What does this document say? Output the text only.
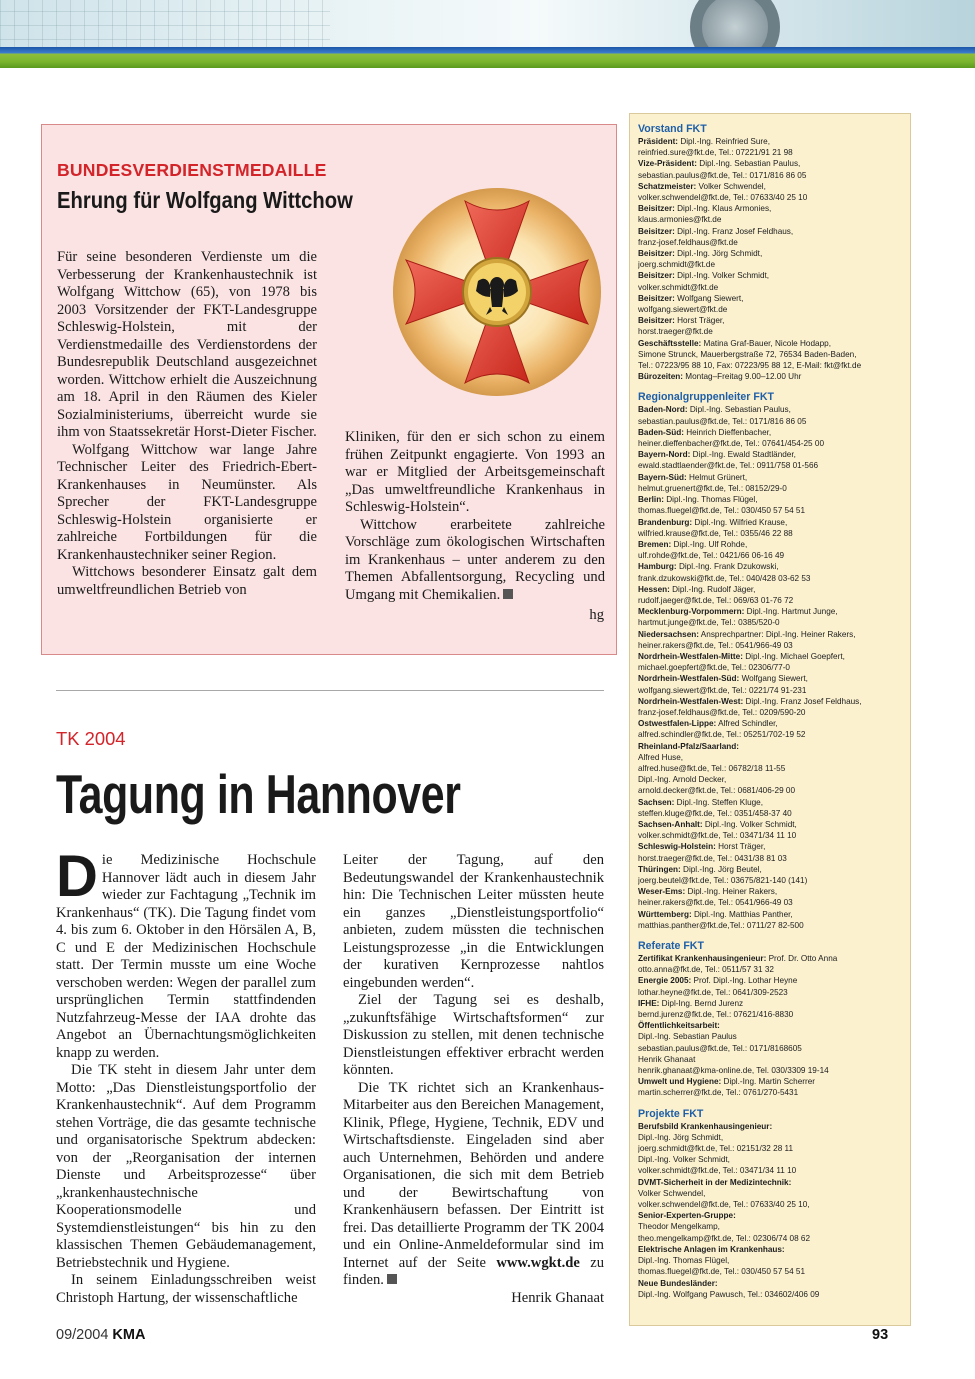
BUNDESVERDIENSTMEDAILLE
Ehrung für Wolfgang Wittchow

Für seine besonderen Verdienste um die Verbesserung der Krankenhaustechnik ist Wolfgang Wittchow (65), von 1978 bis 2003 Vorsitzender der FKT-Landesgruppe Schleswig-Holstein, mit der Verdienstmedaille des Verdienstordens der Bundesrepublik Deutschland ausgezeichnet worden. Wittchow erhielt die Auszeichnung am 18. April in den Räumen des Kieler Sozialministeriums, überreicht wurde sie ihm von Staatssekretär Horst-Dieter Fischer.

Wolfgang Wittchow war lange Jahre Technischer Leiter des Friedrich-Ebert-Krankenhauses in Neumünster. Als Sprecher der FKT-Landesgruppe Schleswig-Holstein organisierte er zahlreiche Fortbildungen für die Krankenhaustechniker seiner Region.

Wittchows besonderer Einsatz galt dem umweltfreundlichen Betrieb von

Kliniken, für den er sich schon zu einem frühen Zeitpunkt engagierte. Von 1993 an war er Mitglied der Arbeitsgemeinschaft „Das umweltfreundliche Krankenhaus in Schleswig-Holstein“.

Wittchow erarbeitete zahlreiche Vorschläge zum ökologischen Wirtschaften im Krankenhaus – unter anderem zu den Themen Abfallentsorgung, Recycling und Umgang mit Chemikalien.

hg
TK 2004
Tagung in Hannover

Die Medizinische Hochschule Hannover lädt auch in diesem Jahr wieder zur Fachtagung „Technik im Krankenhaus“ (TK). Die Tagung findet vom 4. bis zum 6. Oktober in den Hörsälen A, B, C und E der Medizinischen Hochschule statt. Der Termin musste um eine Woche verschoben werden: Wegen der parallel zum ursprünglichen Termin stattfindenden Nutzfahrzeug-Messe der IAA drohte das Angebot an Übernachtungsmöglichkeiten knapp zu werden.

Die TK steht in diesem Jahr unter dem Motto: „Das Dienstleistungsportfolio der Krankenhaustechnik“. Auf dem Programm stehen Vorträge, die das gesamte technische und organisatorische Spektrum abdecken: von der „Reorganisation der internen Dienste und Arbeitsprozesse“ über „krankenhaustechnische Kooperationsmodelle und Systemdienstleistungen“ bis hin zu den klassischen Themen Gebäudemanagement, Betriebstechnik und Hygiene.

In seinem Einladungsschreiben weist Christoph Hartung, der wissenschaftliche

Leiter der Tagung, auf den Bedeutungswandel der Krankenhaustechnik hin: Die Technischen Leiter müssten heute ein ganzes „Dienstleistungsportfolio“ anbieten, zudem müssten die technischen Leistungsprozesse „in die Entwicklungen der kurativen Kernprozesse nahtlos eingebunden werden“.

Ziel der Tagung sei es deshalb, „zukunftsfähige Wirtschaftsformen“ zur Diskussion zu stellen, mit denen technische Dienstleistungen effektiver erbracht werden könnten.

Die TK richtet sich an Krankenhaus-Mitarbeiter aus den Bereichen Management, Klinik, Pflege, Hygiene, Technik, EDV und Wirtschaftsdienste. Eingeladen sind aber auch Unternehmen, Behörden und andere Organisationen, die sich mit dem Betrieb und der Bewirtschaftung von Krankenhäusern befassen. Der Eintritt ist frei. Das detaillierte Programm der TK 2004 und ein Online-Anmeldeformular sind im Internet auf der Seite www.wgkt.de zu finden.

Henrik Ghanaat

Vorstand FKT
Präsident: Dipl.-Ing. Reinfried Sure,
reinfried.sure@fkt.de, Tel.: 07221/91 21 98
Vize-Präsident: Dipl.-Ing. Sebastian Paulus,
sebastian.paulus@fkt.de, Tel.: 0171/816 86 05
Schatzmeister: Volker Schwendel,
volker.schwendel@fkt.de, Tel.: 07633/40 25 10
Beisitzer: Dipl.-Ing. Klaus Armonies,
klaus.armonies@fkt.de
Beisitzer: Dipl.-Ing. Franz Josef Feldhaus,
franz-josef.feldhaus@fkt.de
Beisitzer: Dipl.-Ing. Jörg Schmidt,
joerg.schmidt@fkt.de
Beisitzer: Dipl.-Ing. Volker Schmidt,
volker.schmidt@fkt.de
Beisitzer: Wolfgang Siewert,
wolfgang.siewert@fkt.de
Beisitzer: Horst Träger,
horst.traeger@fkt.de
Geschäftsstelle: Matina Graf-Bauer, Nicole Hodapp,
Simone Strunck, Mauerbergstraße 72, 76534 Baden-Baden,
Tel.: 07223/95 88 10, Fax: 07223/95 88 12, E-Mail: fkt@fkt.de
Bürozeiten: Montag–Freitag 9.00–12.00 Uhr
Regionalgruppenleiter FKT
Baden-Nord: Dipl.-Ing. Sebastian Paulus,
sebastian.paulus@fkt.de, Tel.: 0171/816 86 05
Baden-Süd: Heinrich Dieffenbacher,
heiner.dieffenbacher@fkt.de, Tel.: 07641/454-25 00
Bayern-Nord: Dipl.-Ing. Ewald Stadtländer,
ewald.stadtlaender@fkt.de, Tel.: 0911/758 01-566
Bayern-Süd: Helmut Grünert,
helmut.gruenert@fkt.de, Tel.: 08152/29-0
Berlin: Dipl.-Ing. Thomas Flügel,
thomas.fluegel@fkt.de, Tel.: 030/450 57 54 51
Brandenburg: Dipl.-Ing. Wilfried Krause,
wilfried.krause@fkt.de, Tel.: 0355/46 22 88
Bremen: Dipl.-Ing. Ulf Rohde,
ulf.rohde@fkt.de, Tel.: 0421/66 06-16 49
Hamburg: Dipl.-Ing. Frank Dzukowski,
frank.dzukowski@fkt.de, Tel.: 040/428 03-62 53
Hessen: Dipl.-Ing. Rudolf Jäger,
rudolf.jaeger@fkt.de, Tel.: 069/63 01-76 72
Mecklenburg-Vorpommern: Dipl.-Ing. Hartmut Junge,
hartmut.junge@fkt.de, Tel.: 0385/520-0
Niedersachsen: Ansprechpartner: Dipl.-Ing. Heiner Rakers,
heiner.rakers@fkt.de, Tel.: 0541/966-49 03
Nordrhein-Westfalen-Mitte: Dipl.-Ing. Michael Goepfert,
michael.goepfert@fkt.de, Tel.: 02306/77-0
Nordrhein-Westfalen-Süd: Wolfgang Siewert,
wolfgang.siewert@fkt.de, Tel.: 0221/74 91-231
Nordrhein-Westfalen-West: Dipl.-Ing. Franz Josef Feldhaus,
franz-josef.feldhaus@fkt.de, Tel.: 0209/590-20
Ostwestfalen-Lippe: Alfred Schindler,
alfred.schindler@fkt.de, Tel.: 05251/702-19 52
Rheinland-Pfalz/Saarland:
Alfred Huse,
alfred.huse@fkt.de, Tel.: 06782/18 11-55
Dipl.-Ing. Arnold Decker,
arnold.decker@fkt.de, Tel.: 0681/406-29 00
Sachsen: Dipl.-Ing. Steffen Kluge,
steffen.kluge@fkt.de, Tel.: 0351/458-37 40
Sachsen-Anhalt: Dipl.-Ing. Volker Schmidt,
volker.schmidt@fkt.de, Tel.: 03471/34 11 10
Schleswig-Holstein: Horst Träger,
horst.traeger@fkt.de, Tel.: 0431/38 81 03
Thüringen: Dipl.-Ing. Jörg Beutel,
joerg.beutel@fkt.de, Tel.: 03675/821-140 (141)
Weser-Ems: Dipl.-Ing. Heiner Rakers,
heiner.rakers@fkt.de, Tel.: 0541/966-49 03
Württemberg: Dipl.-Ing. Matthias Panther,
matthias.panther@fkt.de,Tel.: 0711/27 82-500
Referate FKT
Zertifikat Krankenhausingenieur: Prof. Dr. Otto Anna
otto.anna@fkt.de, Tel.: 0511/57 31 32
Energie 2005: Prof. Dipl.-Ing. Lothar Heyne
lothar.heyne@fkt.de, Tel.: 0641/309-2523
IFHE: Dipl-Ing. Bernd Jurenz
bernd.jurenz@fkt.de, Tel.: 07621/416-8830
Öffentlichkeitsarbeit:
Dipl.-Ing. Sebastian Paulus
sebastian.paulus@fkt.de, Tel.: 0171/8168605
Henrik Ghanaat
henrik.ghanaat@kma-online.de, Tel. 030/3309 19-14
Umwelt und Hygiene: Dipl.-Ing. Martin Scherrer
martin.scherrer@fkt.de, Tel.: 0761/270-5431
Projekte FKT
Berufsbild Krankenhausingenieur:
Dipl.-Ing. Jörg Schmidt,
joerg.schmidt@fkt.de, Tel.: 02151/32 28 11
Dipl.-Ing. Volker Schmidt,
volker.schmidt@fkt.de, Tel.: 03471/34 11 10
DVMT-Sicherheit in der Medizintechnik:
Volker Schwendel,
volker.schwendel@fkt.de, Tel.: 07633/40 25 10,
Senior-Experten-Gruppe:
Theodor Mengelkamp,
theo.mengelkamp@fkt.de, Tel.: 02306/74 08 62
Elektrische Anlagen im Krankenhaus:
Dipl.-Ing. Thomas Flügel,
thomas.fluegel@fkt.de, Tel.: 030/450 57 54 51
Neue Bundesländer:
Dipl.-Ing. Wolfgang Pawusch, Tel.: 034602/406 09
09/2004 KMA	93
